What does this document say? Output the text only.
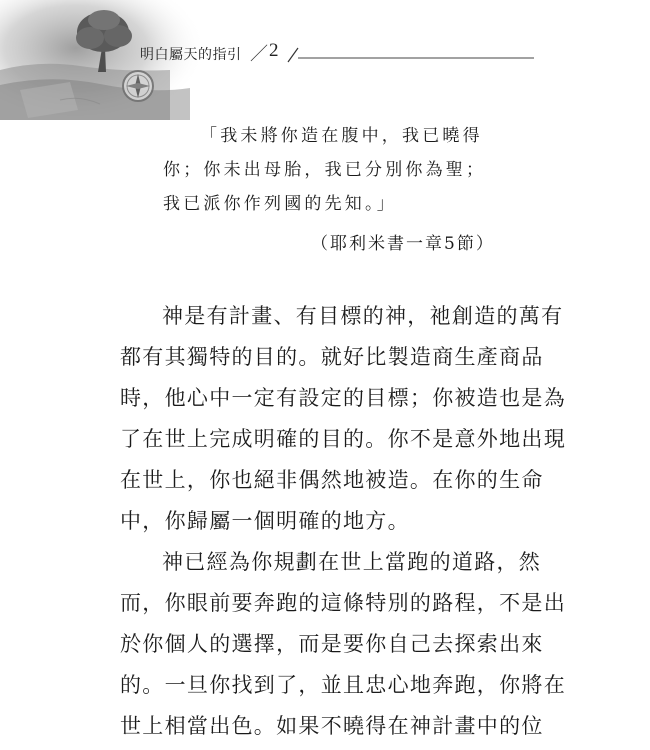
明白屬天的指引 ／ 2
「我未將你造在腹中，我已曉得
你；你未出母胎，我已分別你為聖；
我已派你作列國的先知。」
（耶利米書一章5節）
神是有計畫、有目標的神，祂創造的萬有
都有其獨特的目的。就好比製造商生產商品
時，他心中一定有設定的目標；你被造也是為
了在世上完成明確的目的。你不是意外地出現
在世上，你也絕非偶然地被造。在你的生命
中，你歸屬一個明確的地方。
神已經為你規劃在世上當跑的道路，然
而，你眼前要奔跑的這條特別的路程，不是出
於你個人的選擇，而是要你自己去探索出來
的。一旦你找到了，並且忠心地奔跑，你將在
世上相當出色。如果不曉得在神計畫中的位
